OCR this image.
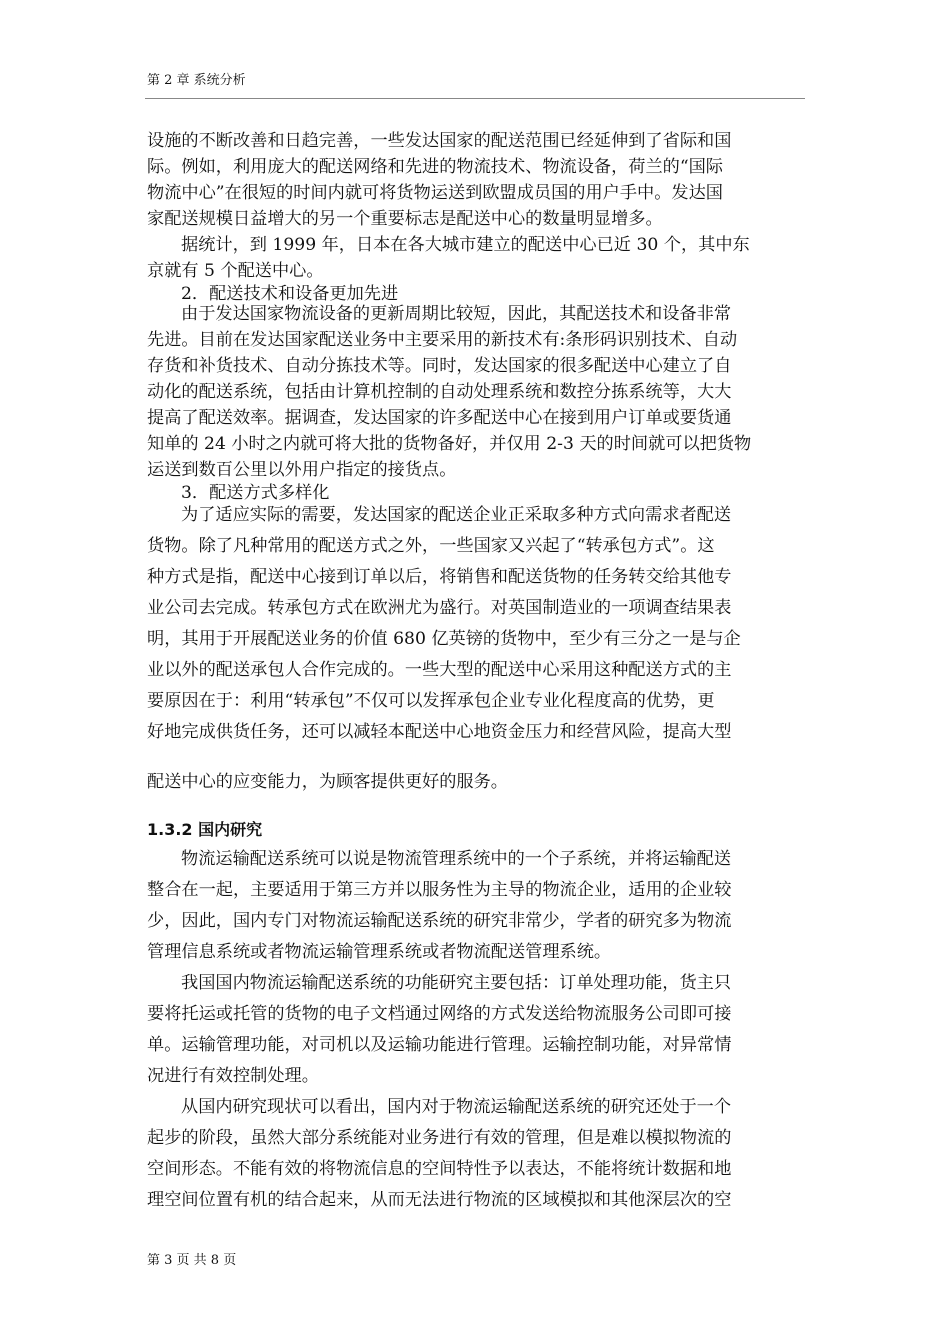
第 2 章 系统分析
设施的不断改善和日趋完善，一些发达国家的配送范围已经延伸到了省际和国
际。例如，利用庞大的配送网络和先进的物流技术、物流设备，荷兰的“国际
物流中心”在很短的时间内就可将货物运送到欧盟成员国的用户手中。发达国
家配送规模日益增大的另一个重要标志是配送中心的数量明显增多。
据统计，到 1999 年，日本在各大城市建立的配送中心已近 30 个，其中东
京就有 5 个配送中心。
2．配送技术和设备更加先进
由于发达国家物流设备的更新周期比较短，因此，其配送技术和设备非常
先进。目前在发达国家配送业务中主要采用的新技术有:条形码识别技术、自动
存货和补货技术、自动分拣技术等。同时，发达国家的很多配送中心建立了自
动化的配送系统，包括由计算机控制的自动处理系统和数控分拣系统等，大大
提高了配送效率。据调查，发达国家的许多配送中心在接到用户订单或要货通
知单的 24 小时之内就可将大批的货物备好，并仅用 2-3 天的时间就可以把货物
运送到数百公里以外用户指定的接货点。
3．配送方式多样化
为了适应实际的需要，发达国家的配送企业正采取多种方式向需求者配送
货物。除了凡种常用的配送方式之外，一些国家又兴起了“转承包方式”。这
种方式是指，配送中心接到订单以后，将销售和配送货物的任务转交给其他专
业公司去完成。转承包方式在欧洲尤为盛行。对英国制造业的一项调查结果表
明，其用于开展配送业务的价值 680 亿英镑的货物中，至少有三分之一是与企
业以外的配送承包人合作完成的。一些大型的配送中心采用这种配送方式的主
要原因在于：利用“转承包”不仅可以发挥承包企业专业化程度高的优势，更
好地完成供货任务，还可以减轻本配送中心地资金压力和经营风险，提高大型
配送中心的应变能力，为顾客提供更好的服务。
1.3.2 国内研究
物流运输配送系统可以说是物流管理系统中的一个子系统，并将运输配送
整合在一起，主要适用于第三方并以服务性为主导的物流企业，适用的企业较
少，因此，国内专门对物流运输配送系统的研究非常少，学者的研究多为物流
管理信息系统或者物流运输管理系统或者物流配送管理系统。
我国国内物流运输配送系统的功能研究主要包括：订单处理功能，货主只
要将托运或托管的货物的电子文档通过网络的方式发送给物流服务公司即可接
单。运输管理功能，对司机以及运输功能进行管理。运输控制功能，对异常情
况进行有效控制处理。
从国内研究现状可以看出，国内对于物流运输配送系统的研究还处于一个
起步的阶段，虽然大部分系统能对业务进行有效的管理，但是难以模拟物流的
空间形态。不能有效的将物流信息的空间特性予以表达，不能将统计数据和地
理空间位置有机的结合起来，从而无法进行物流的区域模拟和其他深层次的空
第 3 页 共 8 页
